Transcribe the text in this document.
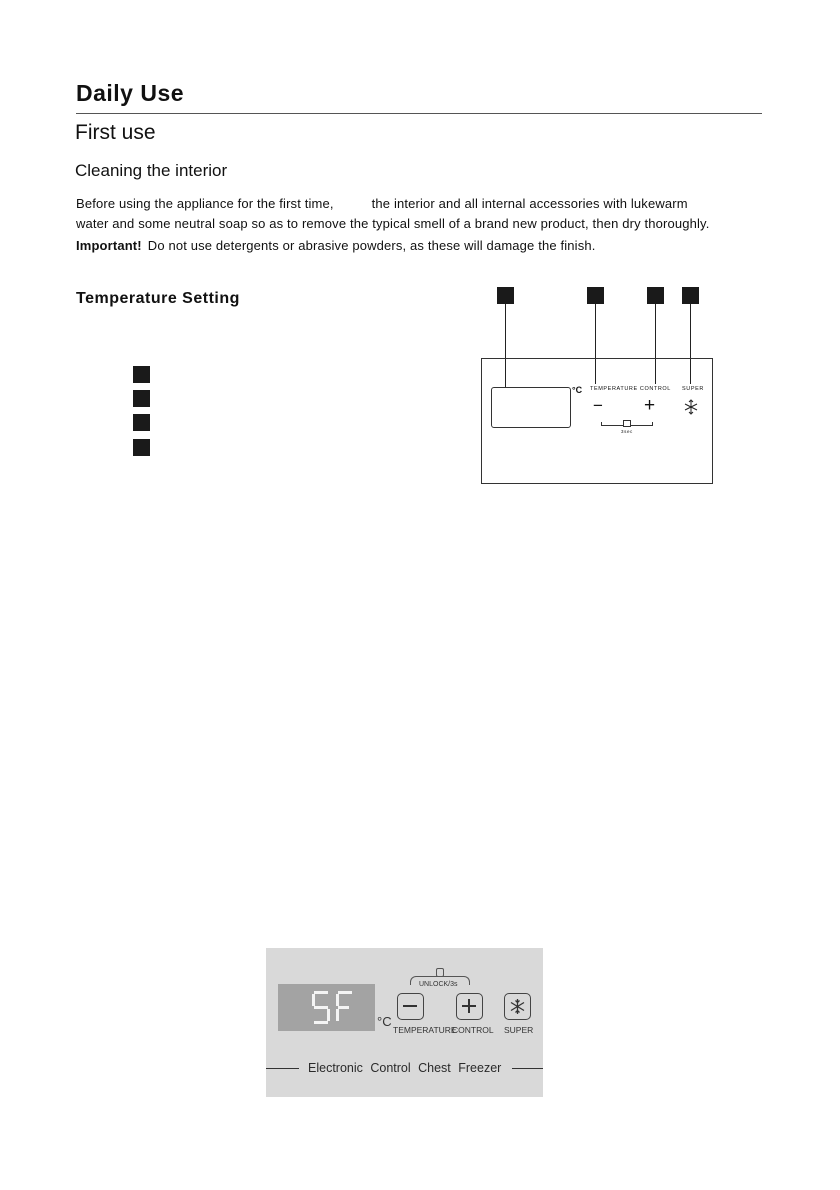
Daily Use
First use
Cleaning the interior
Before using the appliance for the first time,	the interior and all internal accessories with lukewarm
water and some neutral soap so as to remove the typical smell of a brand new product, then dry thoroughly.
Important! Do not use detergents or abrasive powders, as these will damage the finish.
Temperature Setting
°C TEMPERATURE CONTROL SUPER
− +
3sec
°C
UNLOCK/3s
TEMPERATURE
CONTROL SUPER
Electronic Control Chest Freezer
